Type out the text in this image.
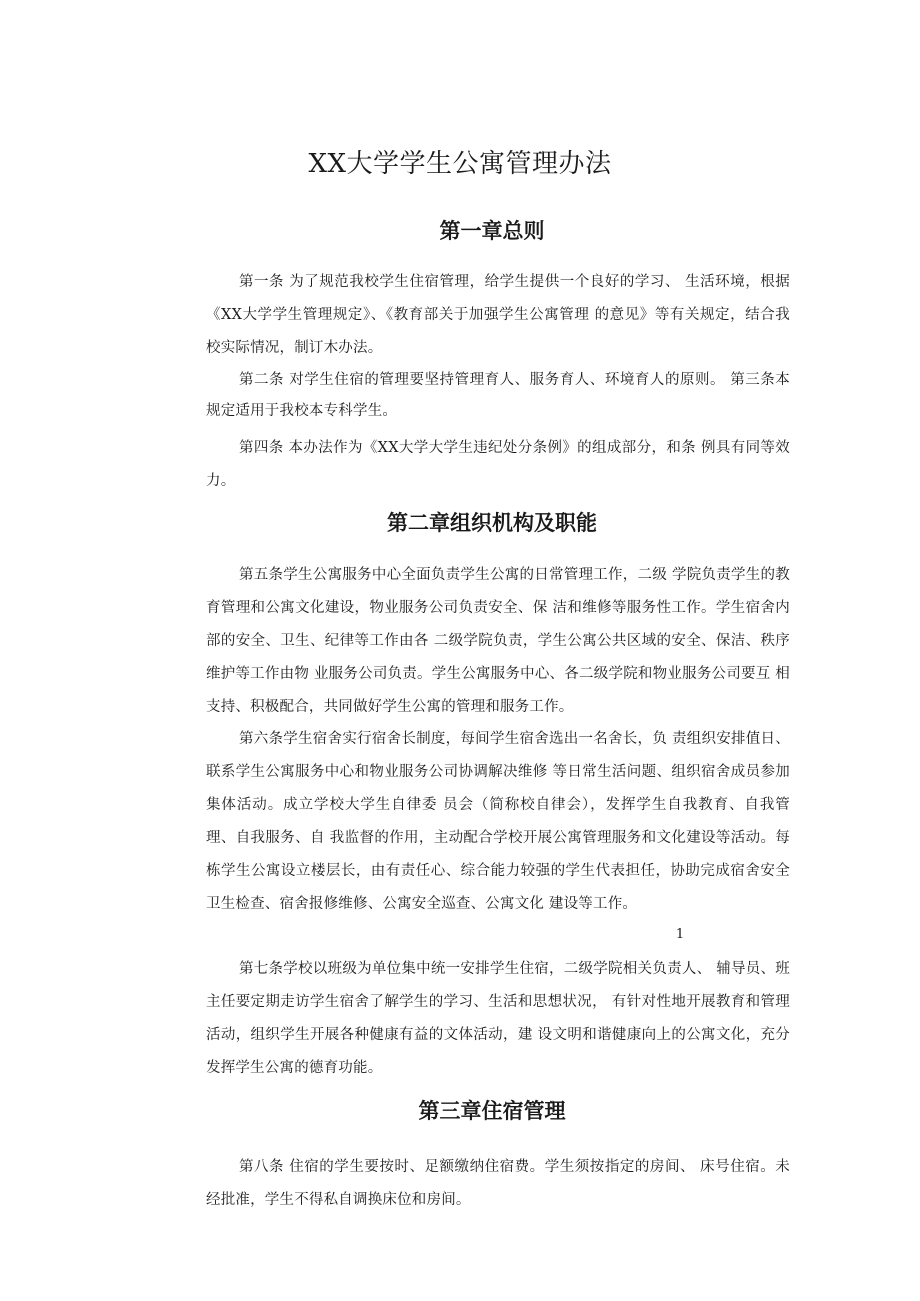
XX大学学生公寓管理办法
第一章总则

第一条 为了规范我校学生住宿管理，给学生提供一个良好的学习、 生活环境，根据《XX大学学生管理规定》、《教育部关于加强学生公寓管理 的意见》等有关规定，结合我校实际情况，制订木办法。

第二条 对学生住宿的管理要坚持管理育人、服务育人、环境育人的原则。 第三条本规定适用于我校本专科学生。

第四条 本办法作为《XX大学大学生违纪处分条例》的组成部分，和条 例具有同等效力。

第二章组织机构及职能

第五条学生公寓服务中心全面负责学生公寓的日常管理工作，二级 学院负责学生的教育管理和公寓文化建设，物业服务公司负责安全、保 洁和维修等服务性工作。学生宿舍内部的安全、卫生、纪律等工作由各 二级学院负责，学生公寓公共区域的安全、保洁、秩序维护等工作由物 业服务公司负责。学生公寓服务中心、各二级学院和物业服务公司要互 相支持、积极配合，共同做好学生公寓的管理和服务工作。

第六条学生宿舍实行宿舍长制度，每间学生宿舍选出一名舍长，负 责组织安排值日、联系学生公寓服务中心和物业服务公司协调解决维修 等日常生活问题、组织宿舍成员参加集体活动。成立学校大学生自律委 员会（简称校自律会），发挥学生自我教育、自我管理、自我服务、自 我监督的作用，主动配合学校开展公寓管理服务和文化建设等活动。每 栋学生公寓设立楼层长，由有责任心、综合能力较强的学生代表担任，协助完成宿舍安全卫生检查、宿舍报修维修、公寓安全巡查、公寓文化 建设等工作。

1

第七条学校以班级为单位集中统一安排学生住宿，二级学院相关负责人、 辅导员、班主任要定期走访学生宿舍了解学生的学习、生活和思想状况， 有针对性地开展教育和管理活动，组织学生开展各种健康有益的文体活动，建 设文明和谐健康向上的公寓文化，充分发挥学生公寓的德育功能。

第三章住宿管理

第八条 住宿的学生要按时、足额缴纳住宿费。学生须按指定的房间、 床号住宿。未经批准，学生不得私自调换床位和房间。
